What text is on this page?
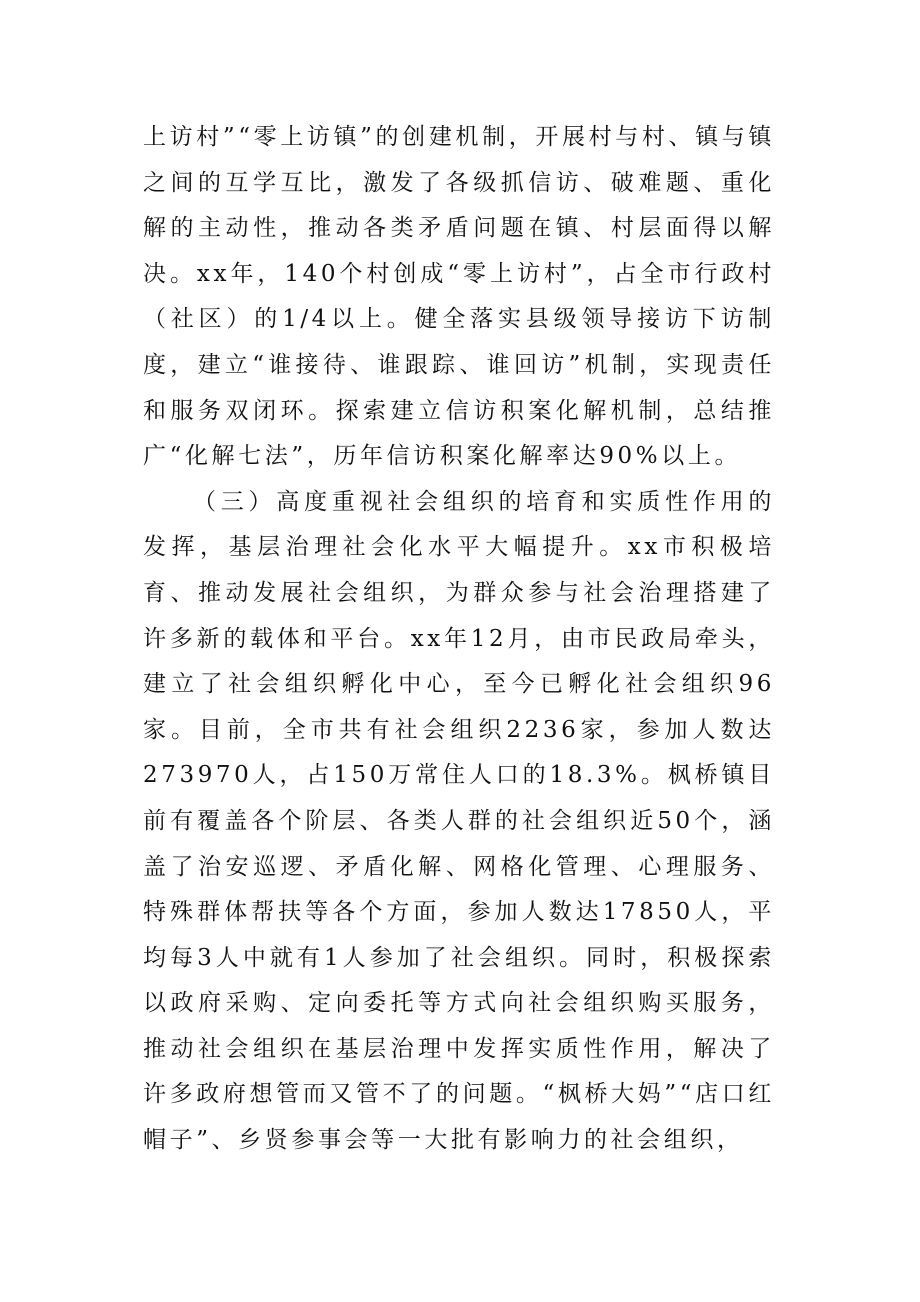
上访村”“零上访镇”的创建机制，开展村与村、镇与镇之间的互学互比，激发了各级抓信访、破难题、重化解的主动性，推动各类矛盾问题在镇、村层面得以解决。xx年，140个村创成“零上访村”，占全市行政村（社区）的1/4以上。健全落实县级领导接访下访制度，建立“谁接待、谁跟踪、谁回访”机制，实现责任和服务双闭环。探索建立信访积案化解机制，总结推广“化解七法”，历年信访积案化解率达90%以上。

（三）高度重视社会组织的培育和实质性作用的发挥，基层治理社会化水平大幅提升。xx市积极培育、推动发展社会组织，为群众参与社会治理搭建了许多新的载体和平台。xx年12月，由市民政局牵头，建立了社会组织孵化中心，至今已孵化社会组织96家。目前，全市共有社会组织2236家，参加人数达273970人，占150万常住人口的18.3%。枫桥镇目前有覆盖各个阶层、各类人群的社会组织近50个，涵盖了治安巡逻、矛盾化解、网格化管理、心理服务、特殊群体帮扶等各个方面，参加人数达17850人，平均每3人中就有1人参加了社会组织。同时，积极探索以政府采购、定向委托等方式向社会组织购买服务，推动社会组织在基层治理中发挥实质性作用，解决了许多政府想管而又管不了的问题。“枫桥大妈”“店口红帽子”、乡贤参事会等一大批有影响力的社会组织，
